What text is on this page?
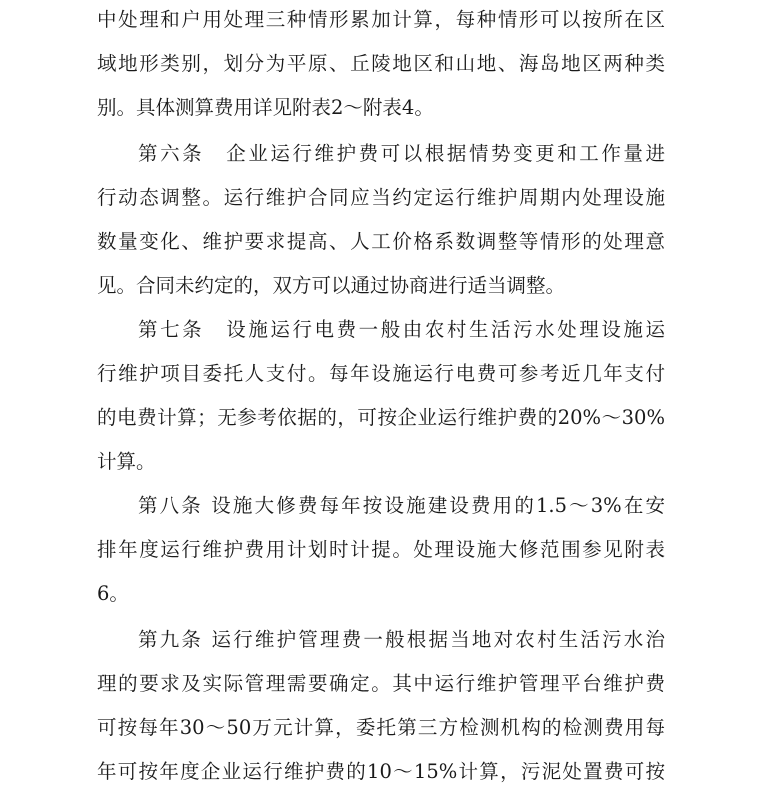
中处理和户用处理三种情形累加计算，每种情形可以按所在区
域地形类别，划分为平原、丘陵地区和山地、海岛地区两种类
别。具体测算费用详见附表2～附表4。
第六条　企业运行维护费可以根据情势变更和工作量进
行动态调整。运行维护合同应当约定运行维护周期内处理设施
数量变化、维护要求提高、人工价格系数调整等情形的处理意
见。合同未约定的，双方可以通过协商进行适当调整。
第七条　设施运行电费一般由农村生活污水处理设施运
行维护项目委托人支付。每年设施运行电费可参考近几年支付
的电费计算；无参考依据的，可按企业运行维护费的20%～30%
计算。
第八条 设施大修费每年按设施建设费用的1.5～3%在安
排年度运行维护费用计划时计提。处理设施大修范围参见附表
6。
第九条 运行维护管理费一般根据当地对农村生活污水治
理的要求及实际管理需要确定。其中运行维护管理平台维护费
可按每年30～50万元计算，委托第三方检测机构的检测费用每
年可按年度企业运行维护费的10～15%计算，污泥处置费可按
